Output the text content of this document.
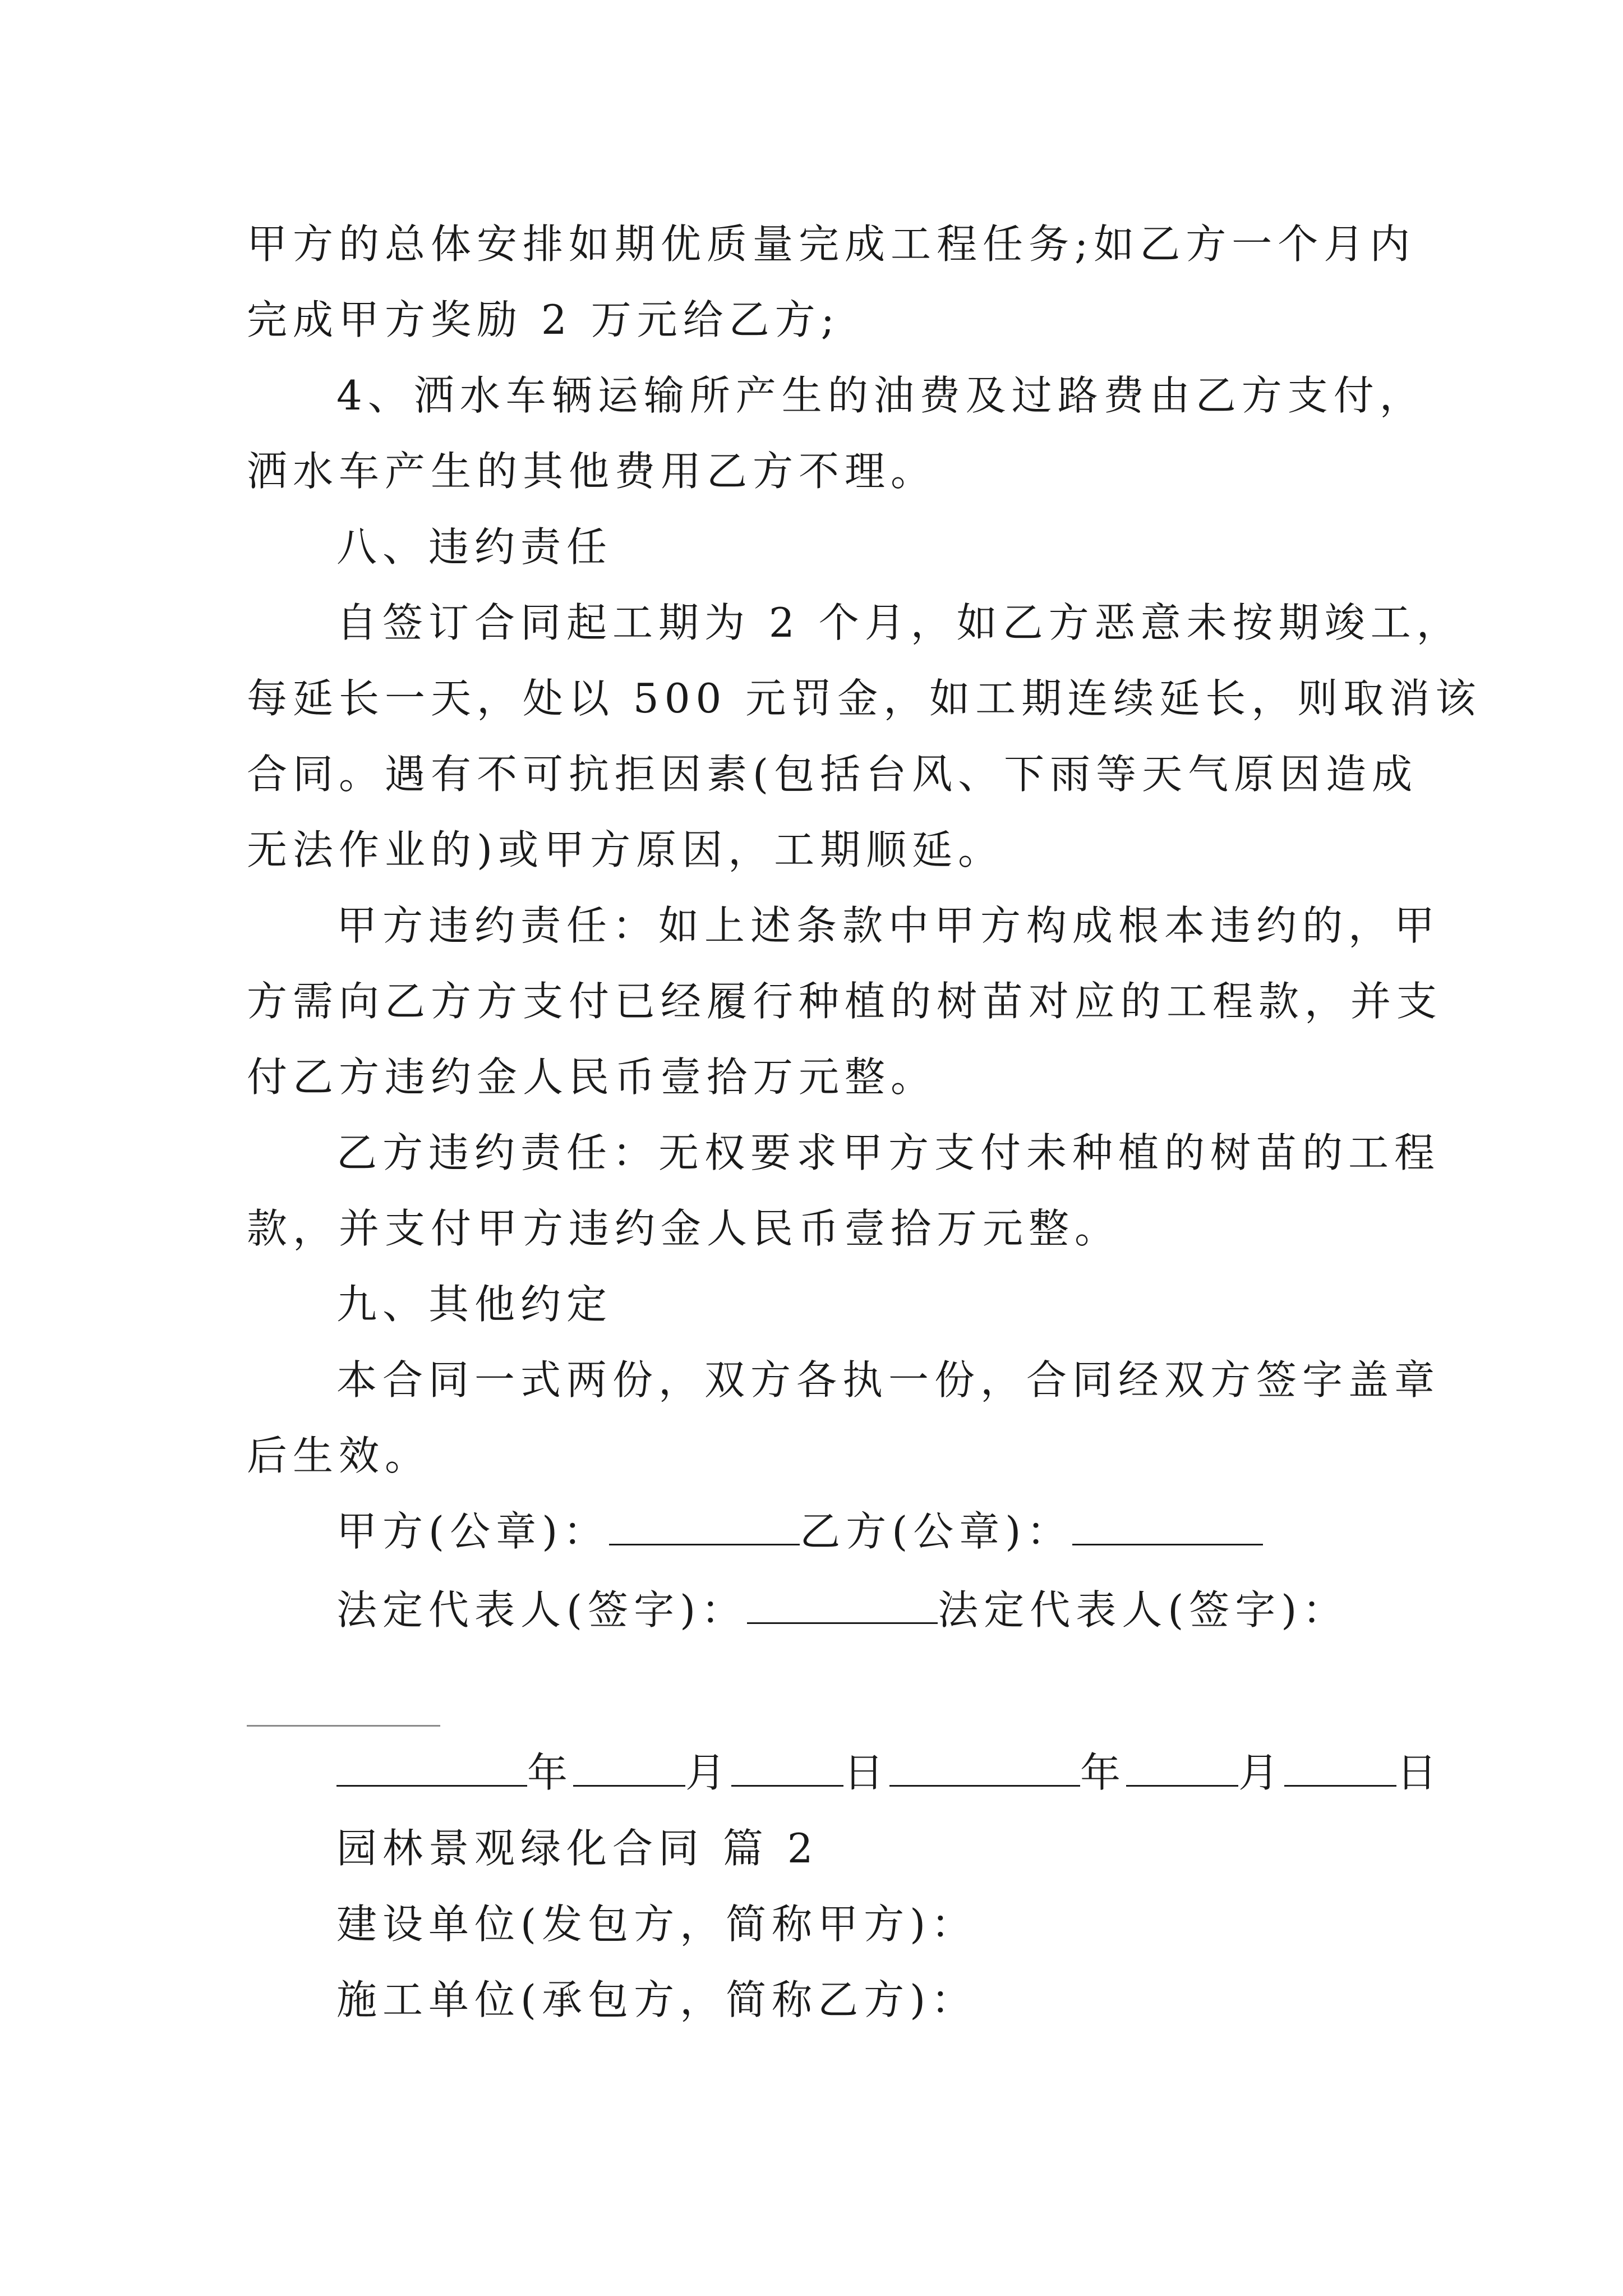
甲方的总体安排如期优质量完成工程任务;如乙方一个月内
完成甲方奖励 2 万元给乙方;
4、洒水车辆运输所产生的油费及过路费由乙方支付，
洒水车产生的其他费用乙方不理。
八、违约责任
自签订合同起工期为 2 个月，如乙方恶意未按期竣工，
每延长一天，处以 500 元罚金，如工期连续延长，则取消该
合同。遇有不可抗拒因素(包括台风、下雨等天气原因造成
无法作业的)或甲方原因，工期顺延。
甲方违约责任：如上述条款中甲方构成根本违约的，甲
方需向乙方方支付已经履行种植的树苗对应的工程款，并支
付乙方违约金人民币壹拾万元整。
乙方违约责任：无权要求甲方支付未种植的树苗的工程
款，并支付甲方违约金人民币壹拾万元整。
九、其他约定
本合同一式两份，双方各执一份，合同经双方签字盖章
后生效。
甲方(公章)：	乙方(公章)：
法定代表人(签字)：	法定代表人(签字)：
年	月	日	年	月	日
园林景观绿化合同 篇 2
建设单位(发包方，简称甲方)：
施工单位(承包方，简称乙方)：
